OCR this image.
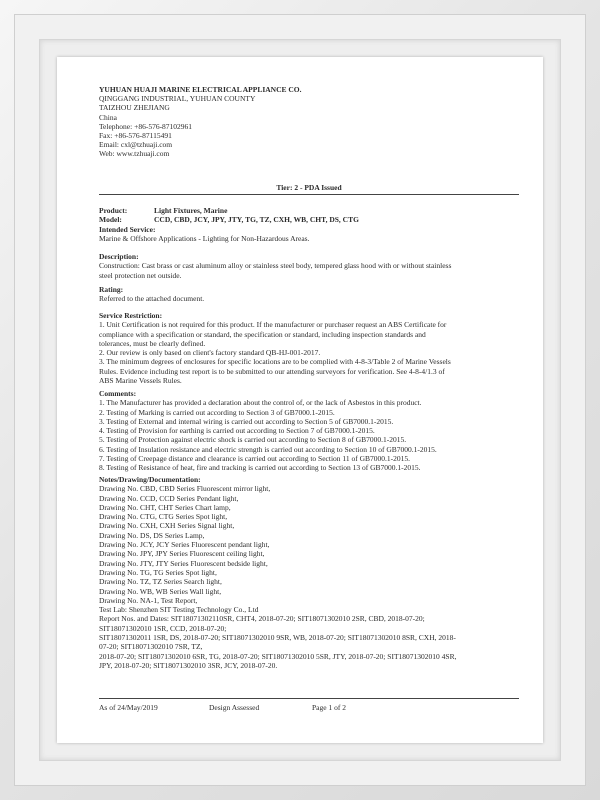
YUHUAN HUAJI MARINE ELECTRICAL APPLIANCE CO.
QINGGANG INDUSTRIAL, YUHUAN COUNTY
TAIZHOU ZHEJIANG
China
Telephone: +86-576-87102961
Fax: +86-576-87115491
Email: cxl@tzhuaji.com
Web: www.tzhuaji.com
Tier: 2 - PDA Issued
Product:	Light Fixtures, Marine
Model:	CCD, CBD, JCY, JPY, JTY, TG, TZ, CXH, WB, CHT, DS, CTG
Intended Service:
Marine & Offshore Applications - Lighting for Non-Hazardous Areas.
Description:
Construction: Cast brass or cast aluminum alloy or stainless steel body, tempered glass hood with or without stainless
steel protection net outside.
Rating:
Referred to the attached document.
Service Restriction:
1. Unit Certification is not required for this product. If the manufacturer or purchaser request an ABS Certificate for
compliance with a specification or standard, the specification or standard, including inspection standards and
tolerances, must be clearly defined.
2. Our review is only based on client's factory standard QB-HJ-001-2017.
3. The minimum degrees of enclosures for specific locations are to be complied with 4-8-3/Table 2 of Marine Vessels
Rules. Evidence including test report is to be submitted to our attending surveyors for verification. See 4-8-4/1.3 of
ABS Marine Vessels Rules.
Comments:
1. The Manufacturer has provided a declaration about the control of, or the lack of Asbestos in this product.
2. Testing of Marking is carried out according to Section 3 of GB7000.1-2015.
3. Testing of External and internal wiring is carried out according to Section 5 of GB7000.1-2015.
4. Testing of Provision for earthing is carried out according to Section 7 of GB7000.1-2015.
5. Testing of Protection against electric shock is carried out according to Section 8 of GB7000.1-2015.
6. Testing of Insulation resistance and electric strength is carried out according to Section 10 of GB7000.1-2015.
7. Testing of Creepage distance and clearance is carried out according to Section 11 of GB7000.1-2015.
8. Testing of Resistance of heat, fire and tracking is carried out according to Section 13 of GB7000.1-2015.
Notes/Drawing/Documentation:
Drawing No. CBD, CBD Series Fluorescent mirror light,
Drawing No. CCD, CCD Series Pendant light,
Drawing No. CHT, CHT Series Chart lamp,
Drawing No. CTG, CTG Series Spot light,
Drawing No. CXH, CXH Series Signal light,
Drawing No. DS, DS Series Lamp,
Drawing No. JCY, JCY Series Fluorescent pendant light,
Drawing No. JPY, JPY Series Fluorescent ceiling light,
Drawing No. JTY, JTY Series Fluorescent bedside light,
Drawing No. TG, TG Series Spot light,
Drawing No. TZ, TZ Series Search light,
Drawing No. WB, WB Series Wall light,
Drawing No. NA-1, Test Report,
Test Lab: Shenzhen SIT Testing Technology Co., Ltd
Report Nos. and Dates: SIT18071302110SR, CHT4, 2018-07-20; SIT18071302010 2SR, CBD, 2018-07-20;
SIT18071302010 1SR, CCD, 2018-07-20;
SIT18071302011 1SR, DS, 2018-07-20; SIT18071302010 9SR, WB, 2018-07-20; SIT18071302010 8SR, CXH, 2018-
07-20; SIT18071302010 7SR, TZ,
2018-07-20; SIT18071302010 6SR, TG, 2018-07-20; SIT18071302010 5SR, JTY, 2018-07-20; SIT18071302010 4SR,
JPY, 2018-07-20; SIT18071302010 3SR, JCY, 2018-07-20.
As of 24/May/2019	Design Assessed	Page 1 of 2
